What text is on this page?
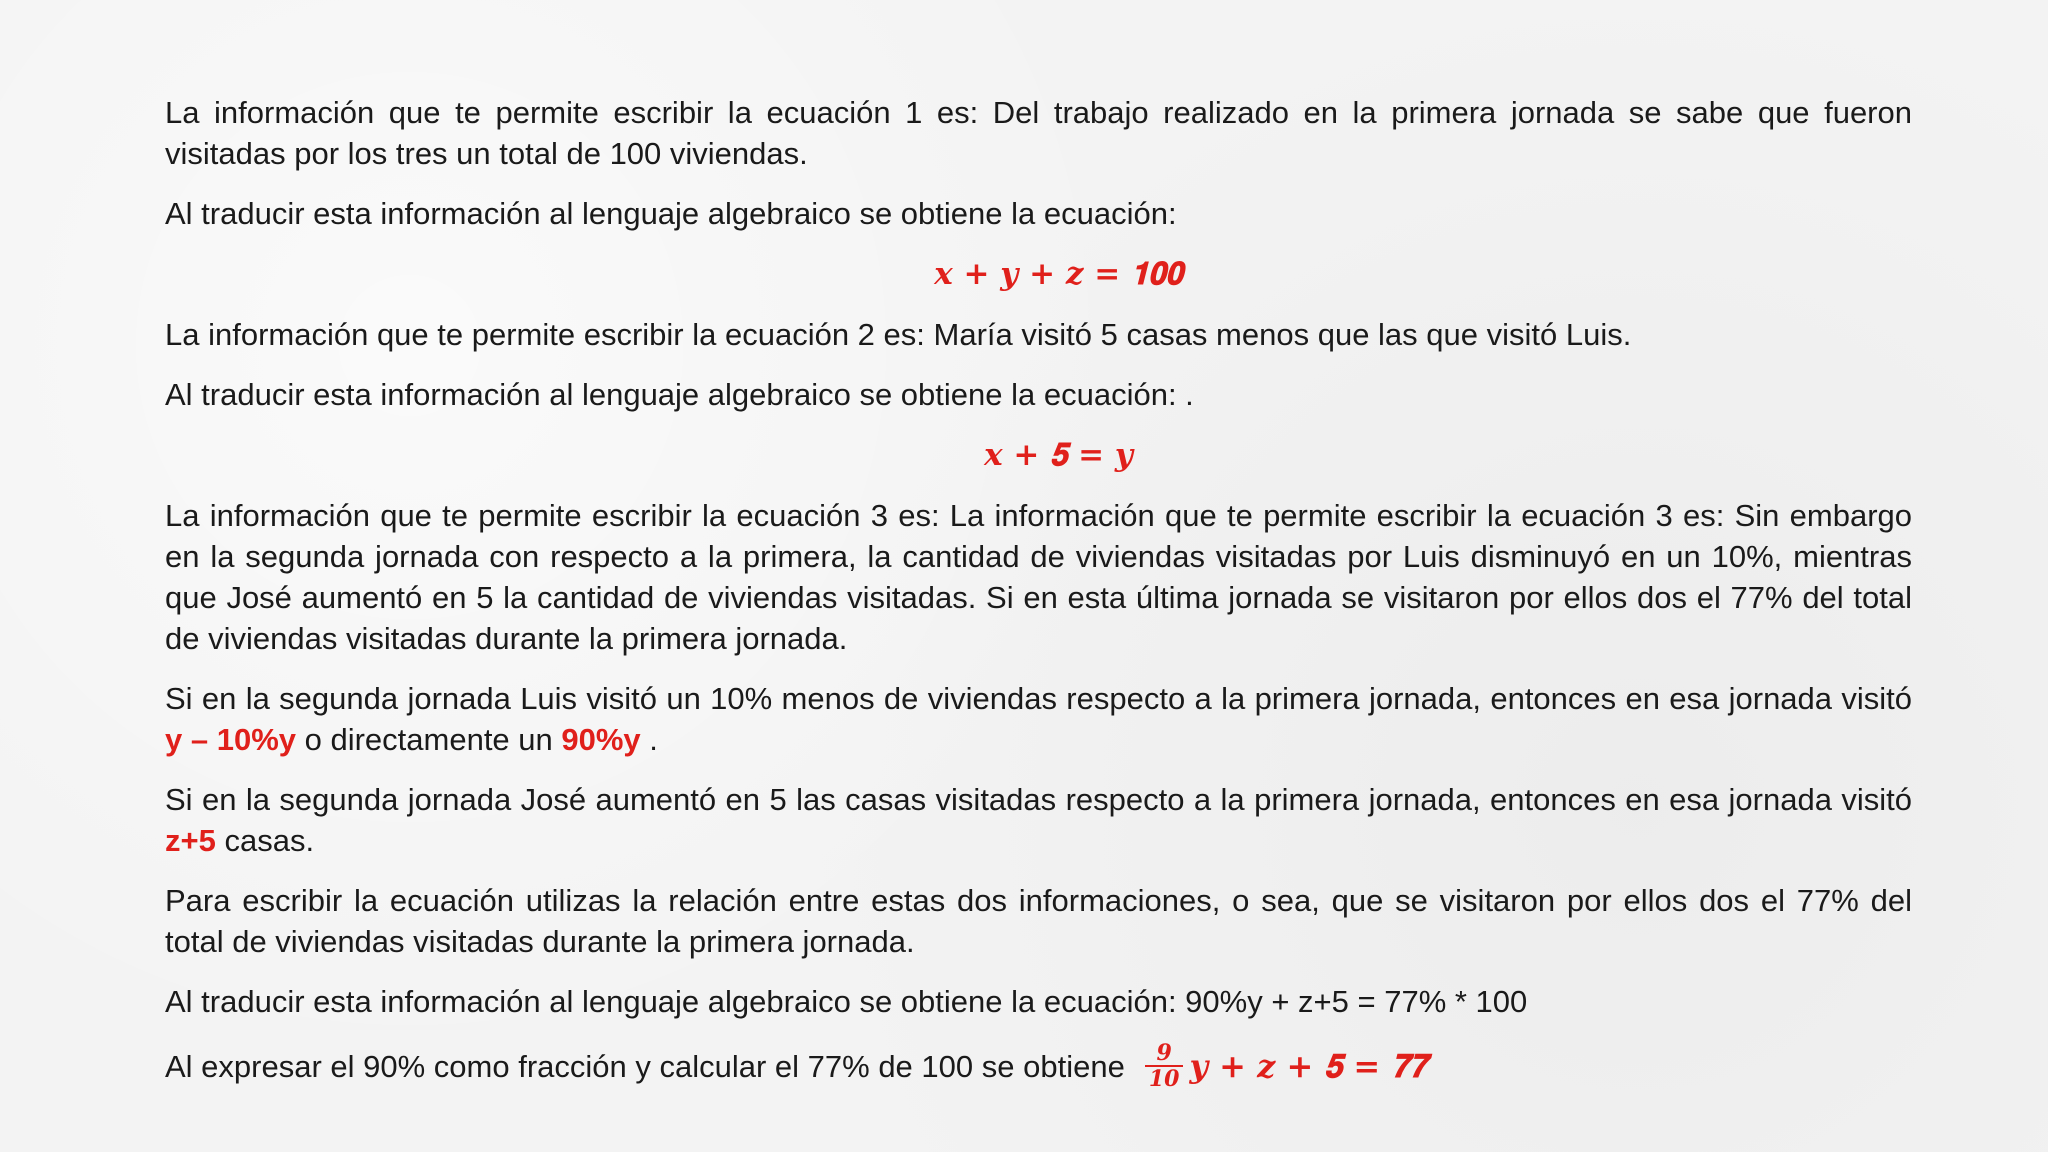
La información que te permite escribir la ecuación 1 es: Del trabajo realizado en la primera jornada se sabe que fueron visitadas por los tres un total de 100 viviendas.

Al traducir esta información al lenguaje algebraico se obtiene la ecuación:

𝒙 + 𝒚 + 𝒛 = 𝟏𝟎𝟎

La información que te permite escribir la ecuación 2 es: María visitó 5 casas menos que las que visitó Luis.

Al traducir esta información al lenguaje algebraico se obtiene la ecuación: .

𝒙 + 𝟓 = 𝒚

La información que te permite escribir la ecuación 3 es: La información que te permite escribir la ecuación 3 es: Sin embargo en la segunda jornada con respecto a la primera, la cantidad de viviendas visitadas por Luis disminuyó en un 10%, mientras que José aumentó en 5 la cantidad de viviendas visitadas. Si en esta última jornada se visitaron por ellos dos el 77% del total de viviendas visitadas durante la primera jornada.

Si en la segunda jornada Luis visitó un 10% menos de viviendas respecto a la primera jornada, entonces en esa jornada visitó y – 10%y o directamente un 90%y .

Si en la segunda jornada José aumentó en 5 las casas visitadas respecto a la primera jornada, entonces en esa jornada visitó z+5 casas.

Para escribir la ecuación utilizas la relación entre estas dos informaciones, o sea, que se visitaron por ellos dos el 77% del total de viviendas visitadas durante la primera jornada.

Al traducir esta información al lenguaje algebraico se obtiene la ecuación: 90%y + z+5 = 77% * 100

Al expresar el 90% como fracción y calcular el 77% de 100 se obtiene $\frac{9}{10}$ 𝒚 + 𝒛 + 𝟓 = 𝟕𝟕
